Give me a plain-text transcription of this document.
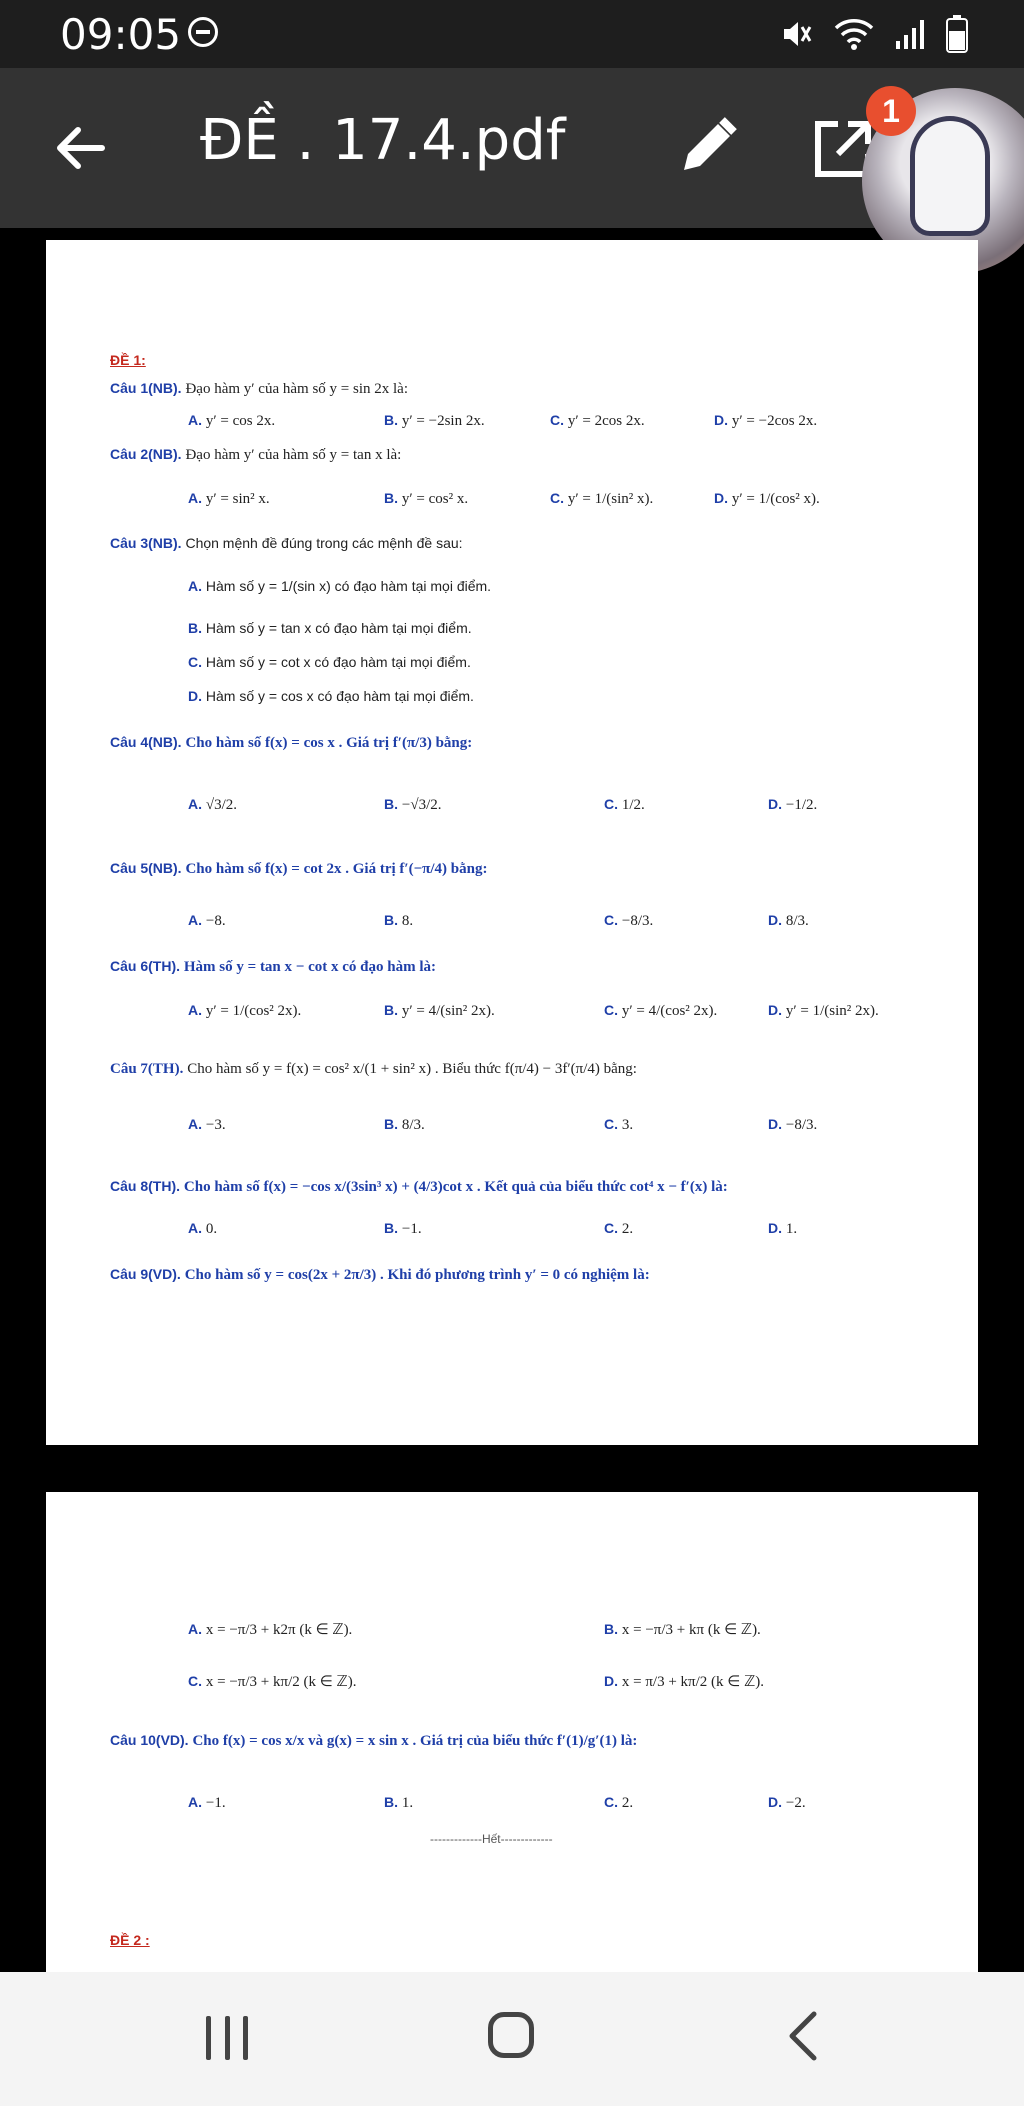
09:05
ĐỀ . 17.4.pdf	1
ĐỀ 1:
Câu 1(NB). Đạo hàm y′ của hàm số y = sin 2x là:
A. y′ = cos 2x.	B. y′ = −2sin 2x.	C. y′ = 2cos 2x.	D. y′ = −2cos 2x.
Câu 2(NB). Đạo hàm y′ của hàm số y = tan x là:
A. y′ = sin² x.	B. y′ = cos² x.	C. y′ = 1/(sin² x).	D. y′ = 1/(cos² x).
Câu 3(NB). Chọn mệnh đề đúng trong các mệnh đề sau:
A. Hàm số y = 1/(sin x) có đạo hàm tại mọi điểm.
B. Hàm số y = tan x có đạo hàm tại mọi điểm.
C. Hàm số y = cot x có đạo hàm tại mọi điểm.
D. Hàm số y = cos x có đạo hàm tại mọi điểm.
Câu 4(NB). Cho hàm số f(x) = cos x . Giá trị f′(π/3) bằng:
A. √3/2.	B. −√3/2.	C. 1/2.	D. −1/2.
Câu 5(NB). Cho hàm số f(x) = cot 2x . Giá trị f′(−π/4) bằng:
A. −8.	B. 8.	C. −8/3.	D. 8/3.
Câu 6(TH). Hàm số y = tan x − cot x có đạo hàm là:
A. y′ = 1/(cos² 2x).	B. y′ = 4/(sin² 2x).	C. y′ = 4/(cos² 2x).	D. y′ = 1/(sin² 2x).
Câu 7(TH). Cho hàm số y = f(x) = cos² x/(1 + sin² x) . Biểu thức f(π/4) − 3f′(π/4) bằng:
A. −3.	B. 8/3.	C. 3.	D. −8/3.
Câu 8(TH). Cho hàm số f(x) = −cos x/(3sin³ x) + (4/3)cot x . Kết quả của biểu thức cot⁴ x − f′(x) là:
A. 0.	B. −1.	C. 2.	D. 1.
Câu 9(VD). Cho hàm số y = cos(2x + 2π/3) . Khi đó phương trình y′ = 0 có nghiệm là:
A. x = −π/3 + k2π (k ∈ ℤ).	B. x = −π/3 + kπ (k ∈ ℤ).
C. x = −π/3 + kπ/2 (k ∈ ℤ).	D. x = π/3 + kπ/2 (k ∈ ℤ).
Câu 10(VD). Cho f(x) = cos x/x và g(x) = x sin x . Giá trị của biểu thức f′(1)/g′(1) là:
A. −1.	B. 1.	C. 2.	D. −2.
-------------Hết-------------
ĐỀ 2 :
